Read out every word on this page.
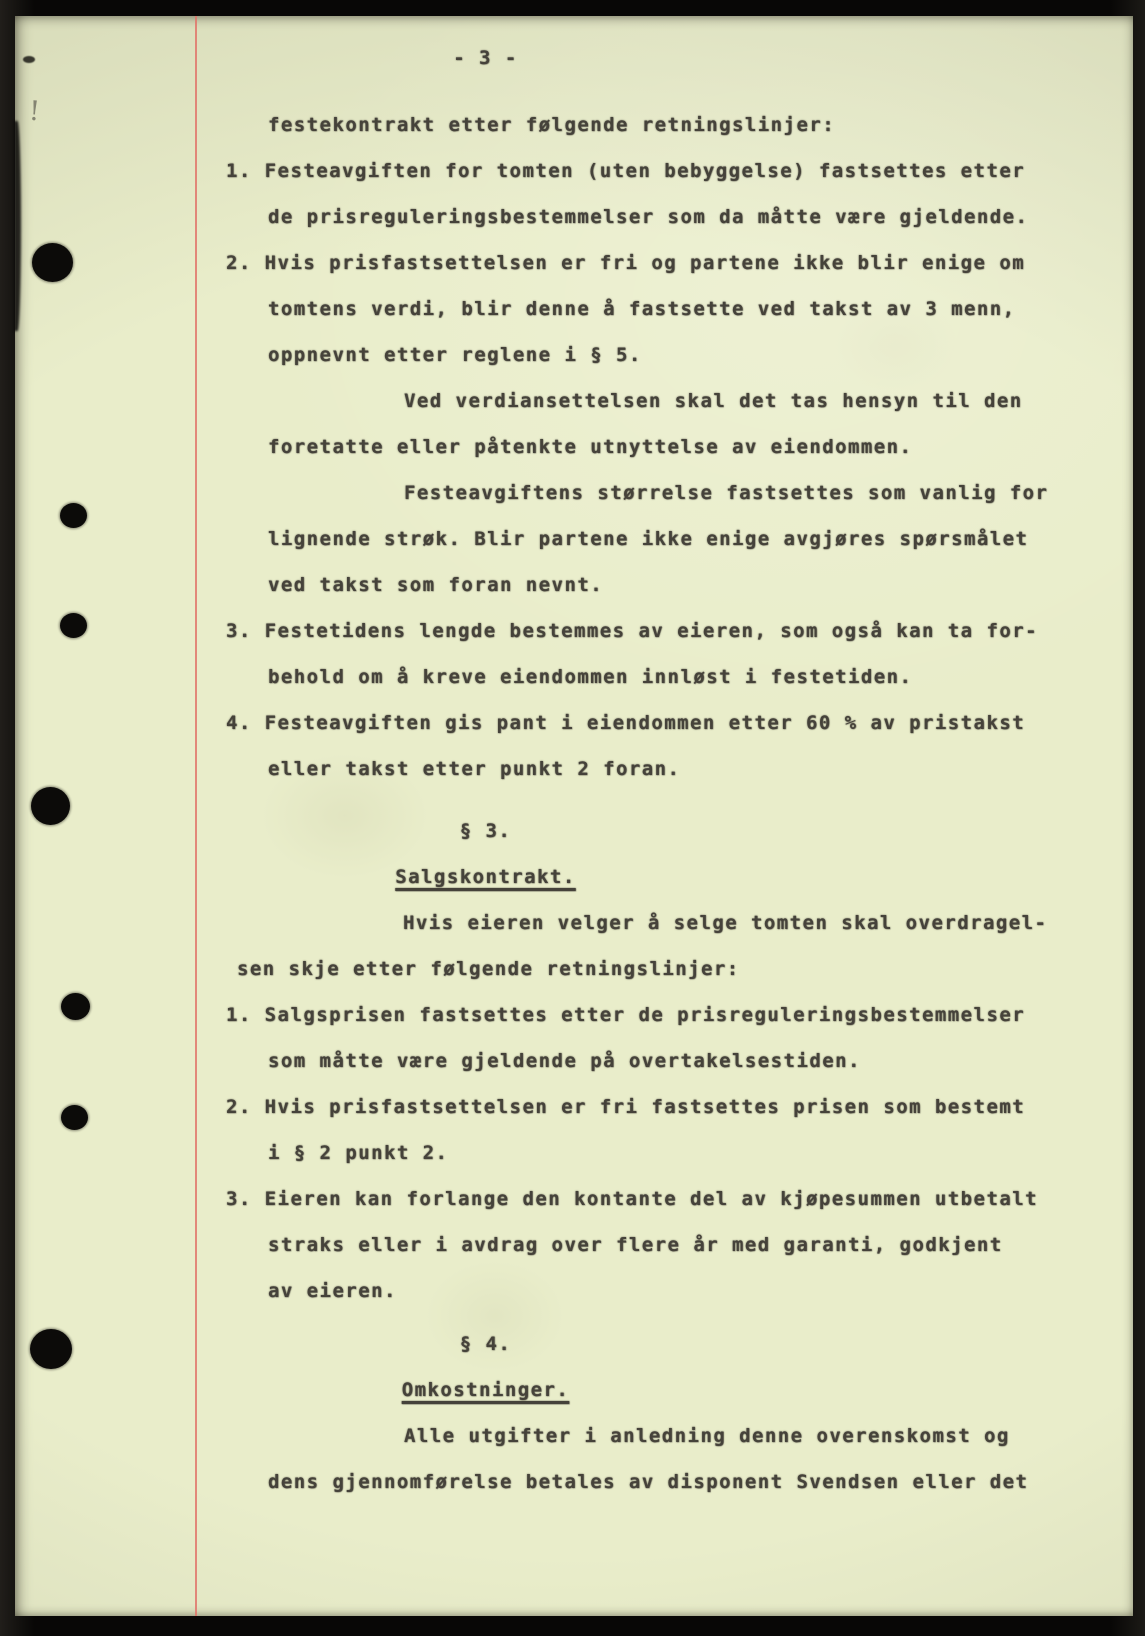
!
- 3 -
festekontrakt etter følgende retningslinjer:
1. Festeavgiften for tomten (uten bebyggelse) fastsettes etter
de prisreguleringsbestemmelser som da måtte være gjeldende.
2. Hvis prisfastsettelsen er fri og partene ikke blir enige om
tomtens verdi, blir denne å fastsette ved takst av 3 menn,
oppnevnt etter reglene i § 5.
Ved verdiansettelsen skal det tas hensyn til den
foretatte eller påtenkte utnyttelse av eiendommen.
Festeavgiftens størrelse fastsettes som vanlig for
lignende strøk. Blir partene ikke enige avgjøres spørsmålet
ved takst som foran nevnt.
3. Festetidens lengde bestemmes av eieren, som også kan ta for-
behold om å kreve eiendommen innløst i festetiden.
4. Festeavgiften gis pant i eiendommen etter 60 % av pristakst
eller takst etter punkt 2 foran.
§ 3.
Salgskontrakt.
Hvis eieren velger å selge tomten skal overdragel-
sen skje etter følgende retningslinjer:
1. Salgsprisen fastsettes etter de prisreguleringsbestemmelser
som måtte være gjeldende på overtakelsestiden.
2. Hvis prisfastsettelsen er fri fastsettes prisen som bestemt
i § 2 punkt 2.
3. Eieren kan forlange den kontante del av kjøpesummen utbetalt
straks eller i avdrag over flere år med garanti, godkjent
av eieren.
§ 4.
Omkostninger.
Alle utgifter i anledning denne overenskomst og
dens gjennomførelse betales av disponent Svendsen eller det
